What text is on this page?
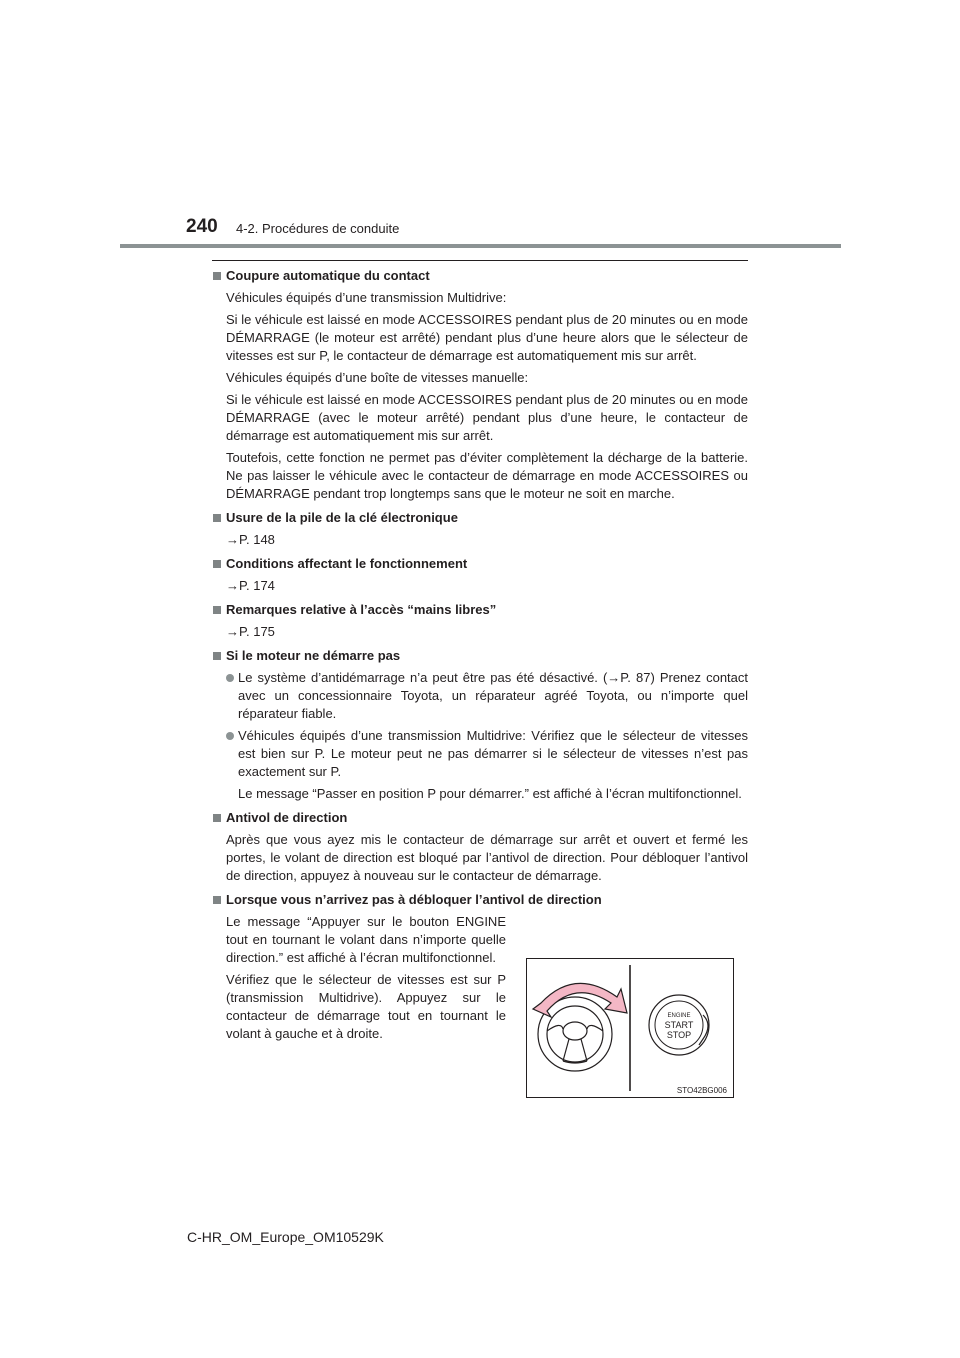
240 4-2. Procédures de conduite
Coupure automatique du contact

Véhicules équipés d’une transmission Multidrive:

Si le véhicule est laissé en mode ACCESSOIRES pendant plus de 20 minutes ou en mode DÉMARRAGE (le moteur est arrêté) pendant plus d’une heure alors que le sélecteur de vitesses est sur P, le contacteur de démarrage est automatiquement mis sur arrêt.

Véhicules équipés d’une boîte de vitesses manuelle:

Si le véhicule est laissé en mode ACCESSOIRES pendant plus de 20 minutes ou en mode DÉMARRAGE (avec le moteur arrêté) pendant plus d’une heure, le contacteur de démarrage est automatiquement mis sur arrêt.

Toutefois, cette fonction ne permet pas d’éviter complètement la décharge de la batterie. Ne pas laisser le véhicule avec le contacteur de démarrage en mode ACCESSOIRES ou DÉMARRAGE pendant trop longtemps sans que le moteur ne soit en marche.

Usure de la pile de la clé électronique

→P. 148

Conditions affectant le fonctionnement

→P. 174

Remarques relative à l’accès “mains libres”

→P. 175

Si le moteur ne démarre pas
Le système d’antidémarrage n’a peut être pas été désactivé. (→P. 87) Prenez contact avec un concessionnaire Toyota, un réparateur agréé Toyota, ou n’importe quel réparateur fiable.
Véhicules équipés d’une transmission Multidrive: Vérifiez que le sélecteur de vitesses est bien sur P. Le moteur peut ne pas démarrer si le sélecteur de vitesses n’est pas exactement sur P.

Le message “Passer en position P pour démarrer.” est affiché à l’écran multifonctionnel.

Antivol de direction

Après que vous ayez mis le contacteur de démarrage sur arrêt et ouvert et fermé les portes, le volant de direction est bloqué par l’antivol de direction. Pour débloquer l’antivol de direction, appuyez à nouveau sur le contacteur de démarrage.

Lorsque vous n’arrivez pas à débloquer l’antivol de direction

Le message “Appuyer sur le bouton ENGINE tout en tournant le volant dans n’importe quelle direction.” est affiché à l’écran multifonctionnel.

Vérifiez que le sélecteur de vitesses est sur P (transmission Multidrive). Appuyez sur le contacteur de démarrage tout en tournant le volant à gauche et à droite.

ENGINE
START
STOP
STO42BG006
C-HR_OM_Europe_OM10529K
